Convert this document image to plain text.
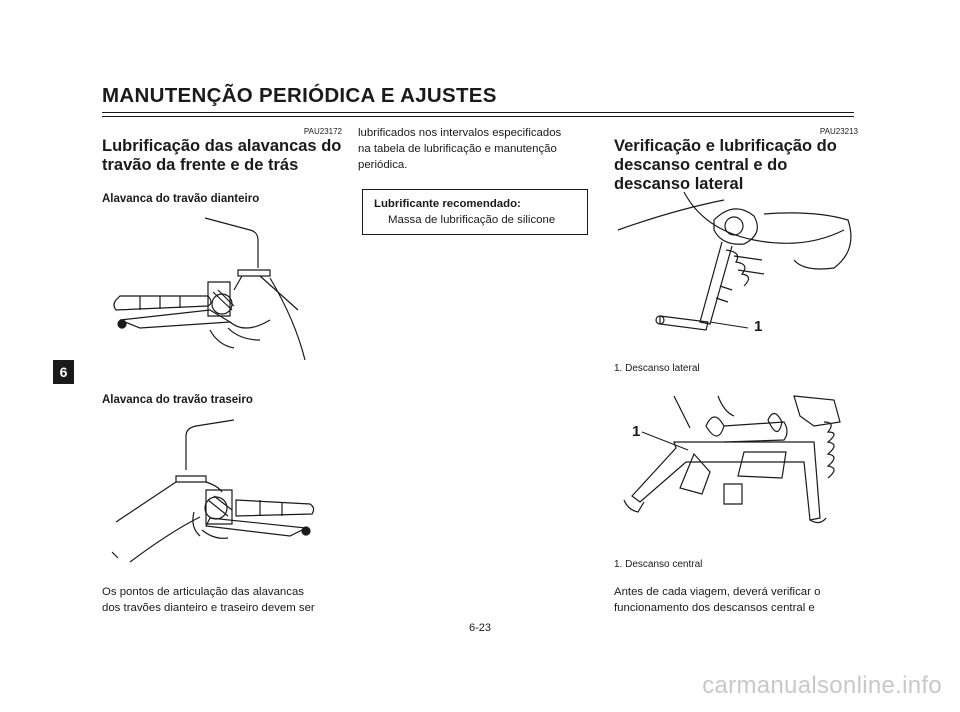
MANUTENÇÃO PERIÓDICA E AJUSTES
6
PAU23172
Lubrificação das alavancas do
travão da frente e de trás
Alavanca do travão dianteiro
Alavanca do travão traseiro
Os pontos de articulação das alavancas
dos travões dianteiro e traseiro devem ser
lubrificados nos intervalos especificados
na tabela de lubrificação e manutenção
periódica.
Lubrificante recomendado:
Massa de lubrificação de silicone
PAU23213
Verificação e lubrificação do
descanso central e do
descanso lateral
1
1. Descanso lateral
1
1. Descanso central
Antes de cada viagem, deverá verificar o
funcionamento dos descansos central e
6-23
carmanualsonline.info
